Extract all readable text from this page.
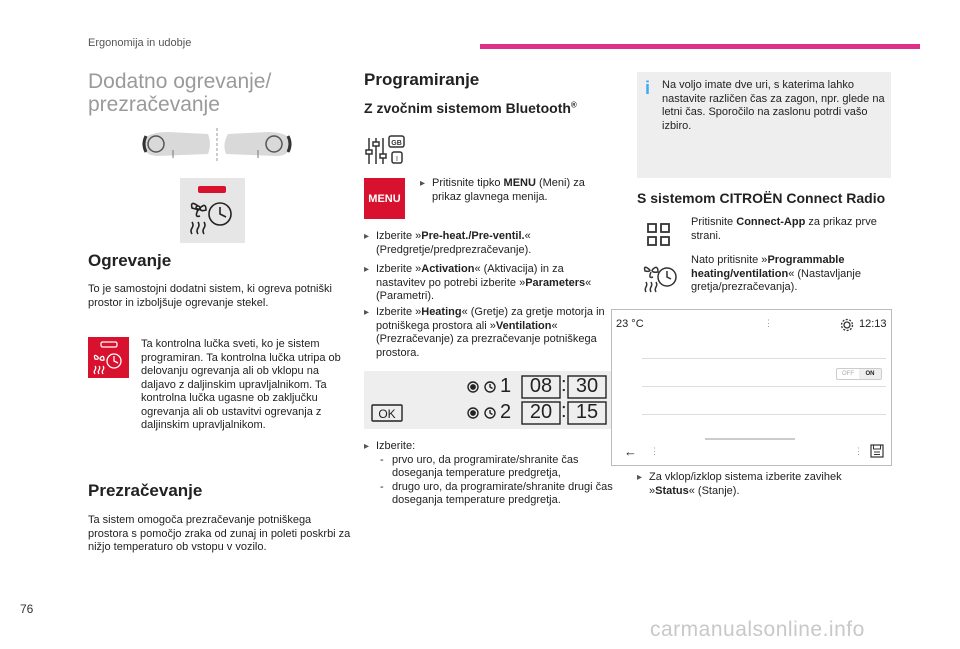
Ergonomija in udobje
Dodatno ogrevanje/ prezračevanje
Ogrevanje
To je samostojni dodatni sistem, ki ogreva potniški prostor in izboljšuje ogrevanje stekel.
Ta kontrolna lučka sveti, ko je sistem programiran. Ta kontrolna lučka utripa ob delovanju ogrevanja ali ob vklopu na daljavo z daljinskim upravljalnikom. Ta kontrolna lučka ugasne ob zaključku ogrevanja ali ob ustavitvi ogrevanja z daljinskim upravljalnikom.
Prezračevanje
Ta sistem omogoča prezračevanje potniškega prostora s pomočjo zraka od zunaj in poleti poskrbi za nižjo temperaturo ob vstopu v vozilo.
Programiranje
Z zvočnim sistemom Bluetooth®
GB
I
MENU
▸ Pritisnite tipko MENU (Meni) za prikaz glavnega menija.
▸ Izberite »Pre-heat./Pre-ventil.« (Predgretje/predprezračevanje).
▸ Izberite »Activation« (Aktivacija) in za nastavitev po potrebi izberite »Parameters« (Parametri).
▸ Izberite »Heating« (Gretje) za gretje motorja in potniškega prostora ali »Ventilation« (Prezračevanje) za prezračevanje potniškega prostora.
OK
1 08 : 30
2 20 : 15
▸ Izberite:
- prvo uro, da programirate/shranite čas doseganja temperature predgretja,
- drugo uro, da programirate/shranite drugi čas doseganja temperature predgretja.
i Na voljo imate dve uri, s katerima lahko nastavite različen čas za zagon, npr. glede na letni čas. Sporočilo na zaslonu potrdi vašo izbiro.
S sistemom CITROËN Connect Radio
Pritisnite Connect-App za prikaz prve strani.
Nato pritisnite »Programmable heating/ventilation« (Nastavljanje gretja/prezračevanja).
23 °C	⋮	12:13
OFF	ON
← ⋮	⋮
▸ Za vklop/izklop sistema izberite zavihek »Status« (Stanje).
76
carmanualsonline.info
